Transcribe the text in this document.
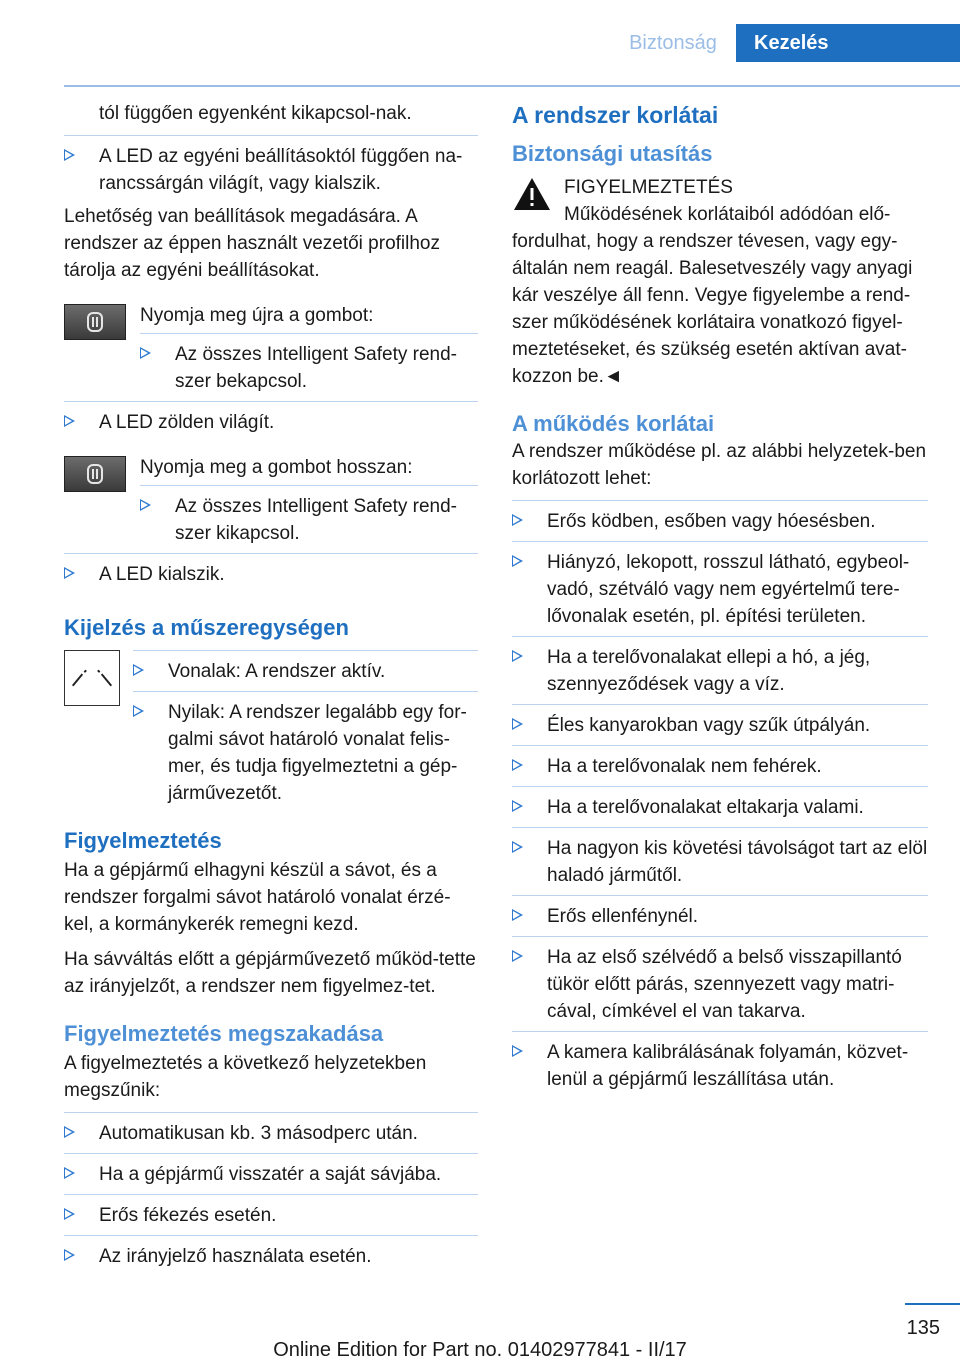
Biztonság	Kezelés

tól függően egyenként kikapcsol-nak.

A LED az egyéni beállításoktól függően na-rancssárgán világít, vagy kialszik.

Lehetőség van beállítások megadására. A rendszer az éppen használt vezetői profilhoz tárolja az egyéni beállításokat.

Nyomja meg újra a gombot:
Az összes Intelligent Safety rend-szer bekapcsol.
A LED zölden világít.
Nyomja meg a gombot hosszan:
Az összes Intelligent Safety rend-szer kikapcsol.
A LED kialszik.
Kijelzés a műszeregységen
Vonalak: A rendszer aktív.
Nyilak: A rendszer legalább egy for-galmi sávot határoló vonalat felis-mer, és tudja figyelmeztetni a gép-járművezetőt.
Figyelmeztetés

Ha a gépjármű elhagyni készül a sávot, és a rendszer forgalmi sávot határoló vonalat érzé-kel, a kormánykerék remegni kezd.

Ha sávváltás előtt a gépjárművezető működ-tette az irányjelzőt, a rendszer nem figyelmez-tet.

Figyelmeztetés megszakadása

A figyelmeztetés a következő helyzetekben megszűnik:

Automatikusan kb. 3 másodperc után.
Ha a gépjármű visszatér a saját sávjába.
Erős fékezés esetén.
Az irányjelző használata esetén.
A rendszer korlátai
Biztonsági utasítás
FIGYELMEZTETÉS
Működésének korlátaiból adódóan elő-

fordulhat, hogy a rendszer tévesen, vagy egy-általán nem reagál. Balesetveszély vagy anyagi kár veszélye áll fenn. Vegye figyelembe a rend-szer működésének korlátaira vonatkozó figyel-meztetéseket, és szükség esetén aktívan avat-kozzon be.◄

A működés korlátai

A rendszer működése pl. az alábbi helyzetek-ben korlátozott lehet:

Erős ködben, esőben vagy hóesésben.
Hiányzó, lekopott, rosszul látható, egybeol-vadó, szétváló vagy nem egyértelmű tere-lővonalak esetén, pl. építési területen.
Ha a terelővonalakat ellepi a hó, a jég, szennyeződések vagy a víz.
Éles kanyarokban vagy szűk útpályán.
Ha a terelővonalak nem fehérek.
Ha a terelővonalakat eltakarja valami.
Ha nagyon kis követési távolságot tart az elöl haladó járműtől.
Erős ellenfénynél.
Ha az első szélvédő a belső visszapillantó tükör előtt párás, szennyezett vagy matri-cával, címkével el van takarva.
A kamera kalibrálásának folyamán, közvet-lenül a gépjármű leszállítása után.
135
Online Edition for Part no. 01402977841 - II/17
